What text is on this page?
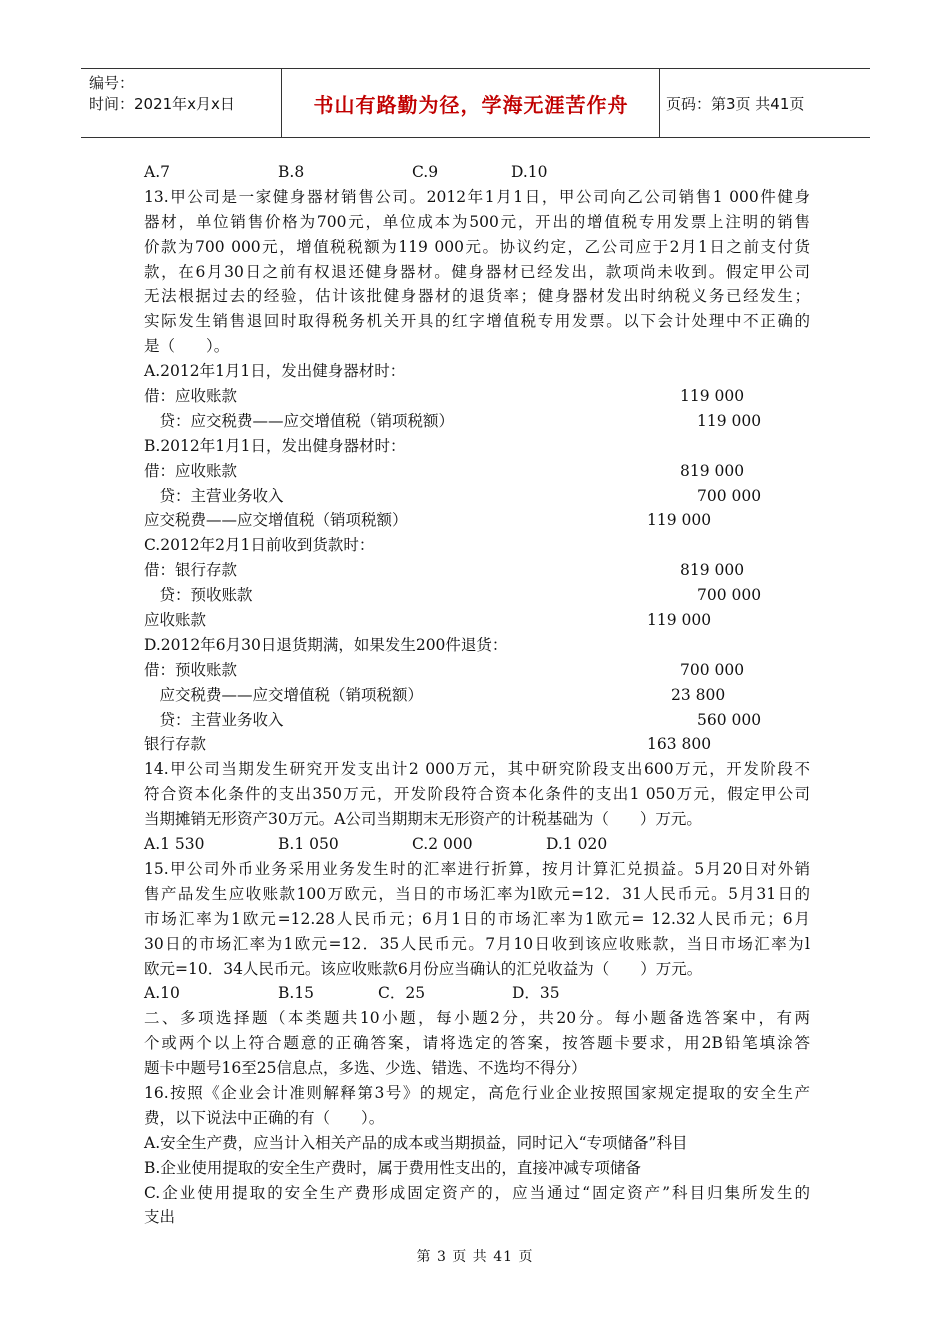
编号：
时间：2021年x月x日	书山有路勤为径，学海无涯苦作舟	页码：第3页 共41页
A.7	B.8	C.9	D.10
13.甲公司是一家健身器材销售公司。2012年1月1日，甲公司向乙公司销售1 000件健身
器材，单位销售价格为700元，单位成本为500元，开出的增值税专用发票上注明的销售
价款为700 000元，增值税税额为119 000元。协议约定，乙公司应于2月1日之前支付货
款，在6月30日之前有权退还健身器材。健身器材已经发出，款项尚未收到。假定甲公司
无法根据过去的经验，估计该批健身器材的退货率；健身器材发出时纳税义务已经发生；
实际发生销售退回时取得税务机关开具的红字增值税专用发票。以下会计处理中不正确的
是（　　）。
A.2012年1月1日，发出健身器材时：
借：应收账款	119 000
　贷：应交税费——应交增值税（销项税额）	119 000
B.2012年1月1日，发出健身器材时：
借：应收账款	819 000
　贷：主营业务收入	700 000
应交税费——应交增值税（销项税额）	119 000
C.2012年2月1日前收到货款时：
借：银行存款	819 000
　贷：预收账款	700 000
应收账款	119 000
D.2012年6月30日退货期满，如果发生200件退货：
借：预收账款	700 000
　应交税费——应交增值税（销项税额）	23 800
　贷：主营业务收入	560 000
银行存款	163 800
14.甲公司当期发生研究开发支出计2 000万元，其中研究阶段支出600万元，开发阶段不
符合资本化条件的支出350万元，开发阶段符合资本化条件的支出1 050万元，假定甲公司
当期摊销无形资产30万元。A公司当期期末无形资产的计税基础为（　　）万元。
A.1 530	B.1 050	C.2 000	D.1 020
15.甲公司外币业务采用业务发生时的汇率进行折算，按月计算汇兑损益。5月20日对外销
售产品发生应收账款100万欧元，当日的市场汇率为l欧元=12．31人民币元。5月31日的
市场汇率为1欧元=12.28人民币元；6月1日的市场汇率为1欧元= 12.32人民币元；6月
30日的市场汇率为1欧元=12．35人民币元。7月10日收到该应收账款，当日市场汇率为l
欧元=10．34人民币元。该应收账款6月份应当确认的汇兑收益为（　　）万元。
A.10	B.15	C．25	D．35
二、多项选择题（本类题共10小题，每小题2分，共20分。每小题备选答案中，有两
个或两个以上符合题意的正确答案，请将选定的答案，按答题卡要求，用2B铅笔填涂答
题卡中题号16至25信息点，多选、少选、错选、不选均不得分）
16.按照《企业会计准则解释第3号》的规定，高危行业企业按照国家规定提取的安全生产
费，以下说法中正确的有（　　）。
A.安全生产费，应当计入相关产品的成本或当期损益，同时记入“专项储备”科目
B.企业使用提取的安全生产费时，属于费用性支出的，直接冲减专项储备
C.企业使用提取的安全生产费形成固定资产的，应当通过“固定资产”科目归集所发生的
支出
第 3 页 共 41 页
